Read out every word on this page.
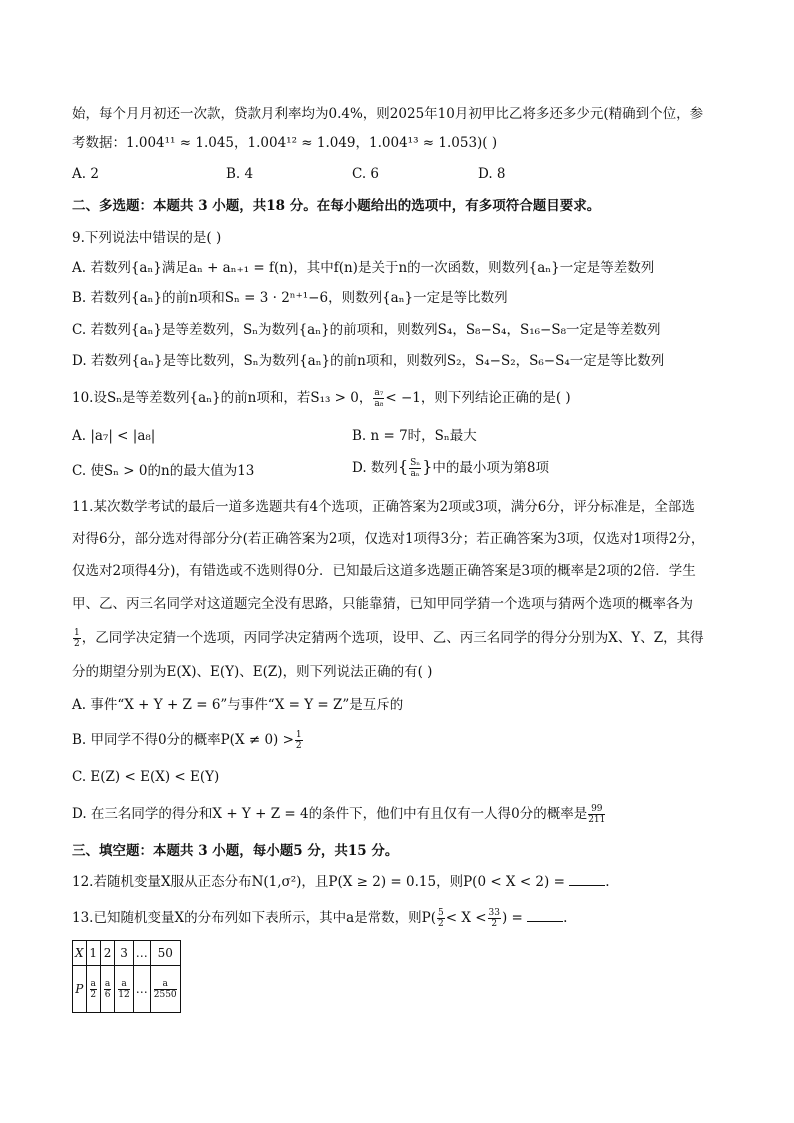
始，每个月月初还一次款，贷款月利率均为0.4%，则2025年10月初甲比乙将多还多少元(精确到个位，参
考数据：1.004¹¹ ≈ 1.045，1.004¹² ≈ 1.049，1.004¹³ ≈ 1.053)( )
A. 2	B. 4	C. 6	D. 8
二、多选题：本题共 3 小题，共18 分。在每小题给出的选项中，有多项符合题目要求。
9.下列说法中错误的是( )
A. 若数列{aₙ}满足aₙ + aₙ₊₁ = f(n)，其中f(n)是关于n的一次函数，则数列{aₙ}一定是等差数列
B. 若数列{aₙ}的前n项和Sₙ = 3 · 2ⁿ⁺¹−6，则数列{aₙ}一定是等比数列
C. 若数列{aₙ}是等差数列，Sₙ为数列{aₙ}的前项和，则数列S₄，S₈−S₄，S₁₆−S₈一定是等差数列
D. 若数列{aₙ}是等比数列，Sₙ为数列{aₙ}的前n项和，则数列S₂，S₄−S₂，S₆−S₄一定是等比数列
10.设Sₙ是等差数列{aₙ}的前n项和，若S₁₃ > 0， $\frac{\text{a₇}}{\text{a₈}} < -1$，则下列结论正确的是( )
A. |a₇| < |a₈|	B. n = 7时，Sₙ最大
C. 使Sₙ > 0的n的最大值为13	D. 数列{ $\frac{\text{Sₙ}}{\text{aₙ}}$ }中的最小项为第8项
11.某次数学考试的最后一道多选题共有4个选项，正确答案为2项或3项，满分6分，评分标准是，全部选
对得6分，部分选对得部分分(若正确答案为2项，仅选对1项得3分；若正确答案为3项，仅选对1项得2分，
仅选对2项得4分)，有错选或不选则得0分．已知最后这道多选题正确答案是3项的概率是2项的2倍．学生
甲、乙、丙三名同学对这道题完全没有思路，只能靠猜，已知甲同学猜一个选项与猜两个选项的概率各为
$\frac{1}{2}$ ，乙同学决定猜一个选项，丙同学决定猜两个选项，设甲、乙、丙三名同学的得分分别为X、Y、Z，其得
分的期望分别为E(X)、E(Y)、E(Z)，则下列说法正确的有( )
A. 事件“X + Y + Z = 6”与事件“X = Y = Z”是互斥的
B. 甲同学不得0分的概率$P(X \ne 0) > \frac{1}{2}$
C. E(Z) < E(X) < E(Y)
D. 在三名同学的得分和X + Y + Z = 4的条件下，他们中有且仅有一人得0分的概率是 $\frac{99}{211}$
三、填空题：本题共 3 小题，每小题5 分，共15 分。
12.若随机变量X服从正态分布N(1,σ²)，且P(X ≥ 2) = 0.15，则P(0 < X < 2) =	.
13.已知随机变量X的分布列如下表所示，其中a是常数，则$P( \frac{5}{2} < X < \frac{33}{2}$ ) =	.
X	1	2	3	…	50
P	$\frac{a}{2}$	$\frac{a}{6}$	$\frac{a}{12}$	…	$\frac{a}{2550}$
